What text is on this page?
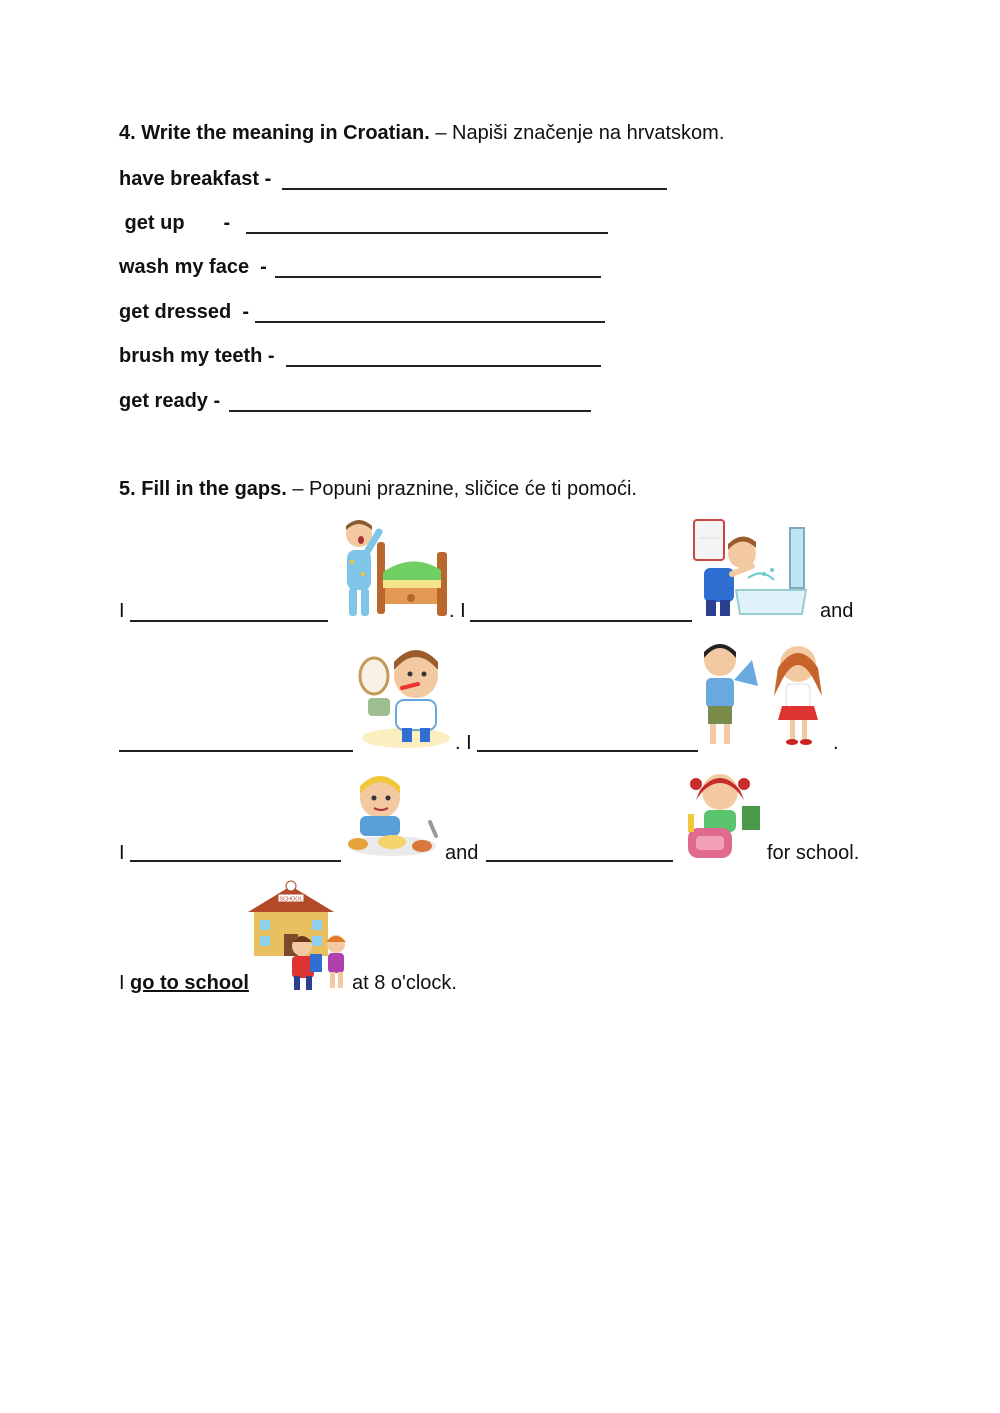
4. Write the meaning in Croatian. – Napiši značenje na hrvatskom.
have breakfast -
get up       -
wash my face  -
get dressed  -
brush my teeth -
get ready -
5. Fill in the gaps. – Popuni praznine, sličice će ti pomoći.
I	. I	and
. I	.
I	and	for school.
I go to school
SCHOOL
at 8 o'clock.
